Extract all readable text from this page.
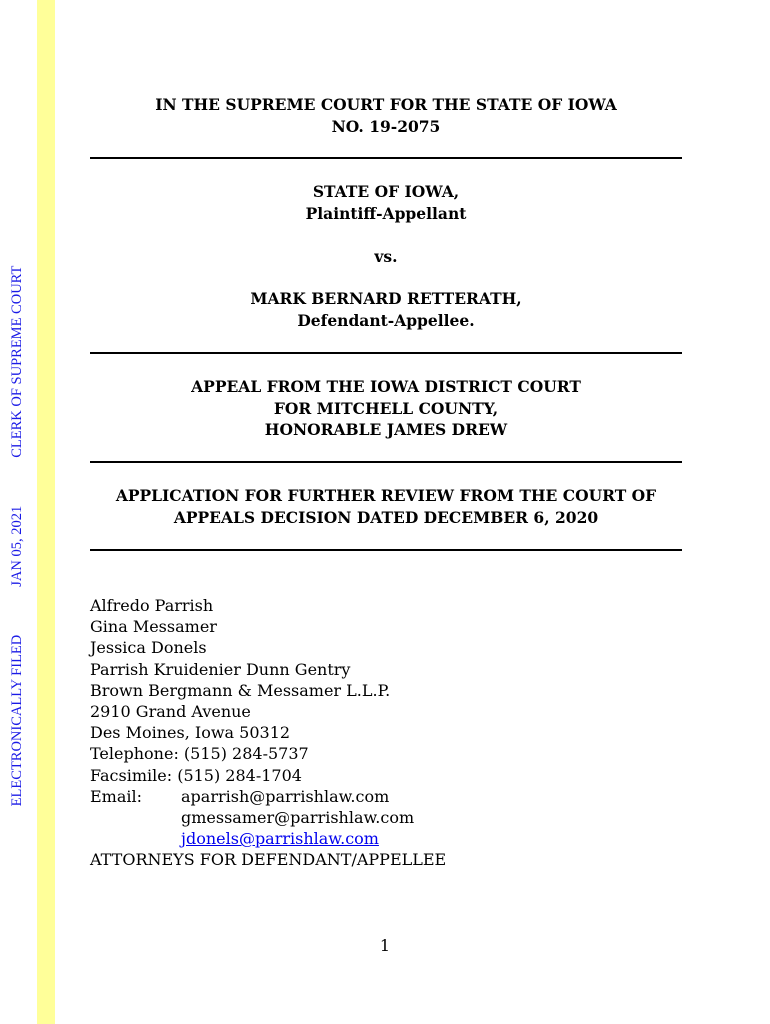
ELECTRONICALLY FILEDJAN 05, 2021CLERK OF SUPREME COURT
IN THE SUPREME COURT FOR THE STATE OF IOWA
NO. 19-2075
STATE OF IOWA,
Plaintiff-Appellant
vs.
MARK BERNARD RETTERATH,
Defendant-Appellee.
APPEAL FROM THE IOWA DISTRICT COURT
FOR MITCHELL COUNTY,
HONORABLE JAMES DREW
APPLICATION FOR FURTHER REVIEW FROM THE COURT OF
APPEALS DECISION DATED DECEMBER 6, 2020
Alfredo Parrish
Gina Messamer
Jessica Donels
Parrish Kruidenier Dunn Gentry
Brown Bergmann & Messamer L.L.P.
2910 Grand Avenue
Des Moines, Iowa 50312
Telephone: (515) 284-5737
Facsimile: (515) 284-1704
Email: aparrish@parrishlaw.com
gmessamer@parrishlaw.com
jdonels@parrishlaw.com
ATTORNEYS FOR DEFENDANT/APPELLEE
1
